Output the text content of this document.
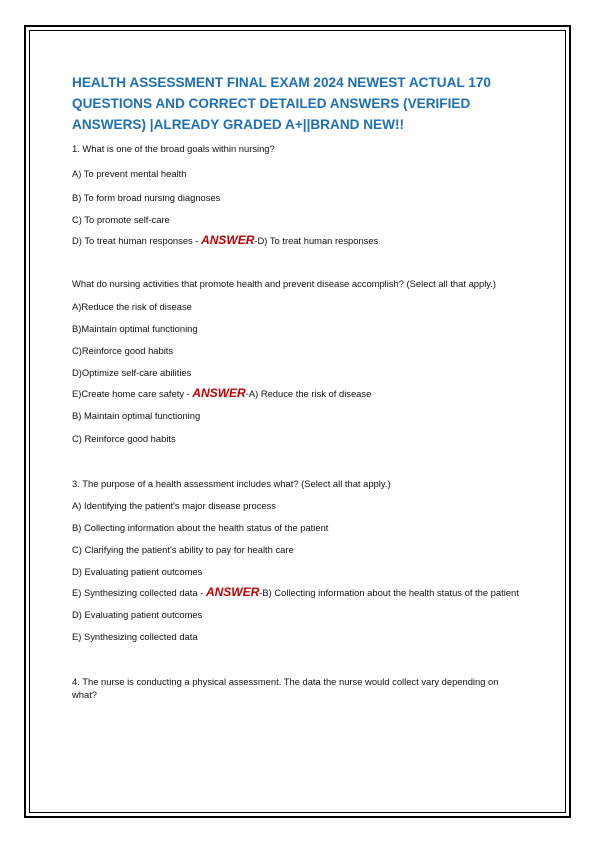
HEALTH ASSESSMENT FINAL EXAM 2024 NEWEST ACTUAL 170 QUESTIONS AND CORRECT DETAILED ANSWERS (VERIFIED ANSWERS) |ALREADY GRADED A+||BRAND NEW!!

1. What is one of the broad goals within nursing?

A) To prevent mental health

B) To form broad nursing diagnoses

C) To promote self-care

D) To treat human responses - ANSWER-D) To treat human responses

What do nursing activities that promote health and prevent disease accomplish? (Select all that apply.)

A)Reduce the risk of disease

B)Maintain optimal functioning

C)Reinforce good habits

D)Optimize self-care abilities

E)Create home care safety - ANSWER-A) Reduce the risk of disease

B) Maintain optimal functioning

C) Reinforce good habits

3. The purpose of a health assessment includes what? (Select all that apply.)

A) Identifying the patient's major disease process

B) Collecting information about the health status of the patient

C) Clarifying the patient's ability to pay for health care

D) Evaluating patient outcomes

E) Synthesizing collected data - ANSWER-B) Collecting information about the health status of the patient

D) Evaluating patient outcomes

E) Synthesizing collected data

4. The nurse is conducting a physical assessment. The data the nurse would collect vary depending on what?
